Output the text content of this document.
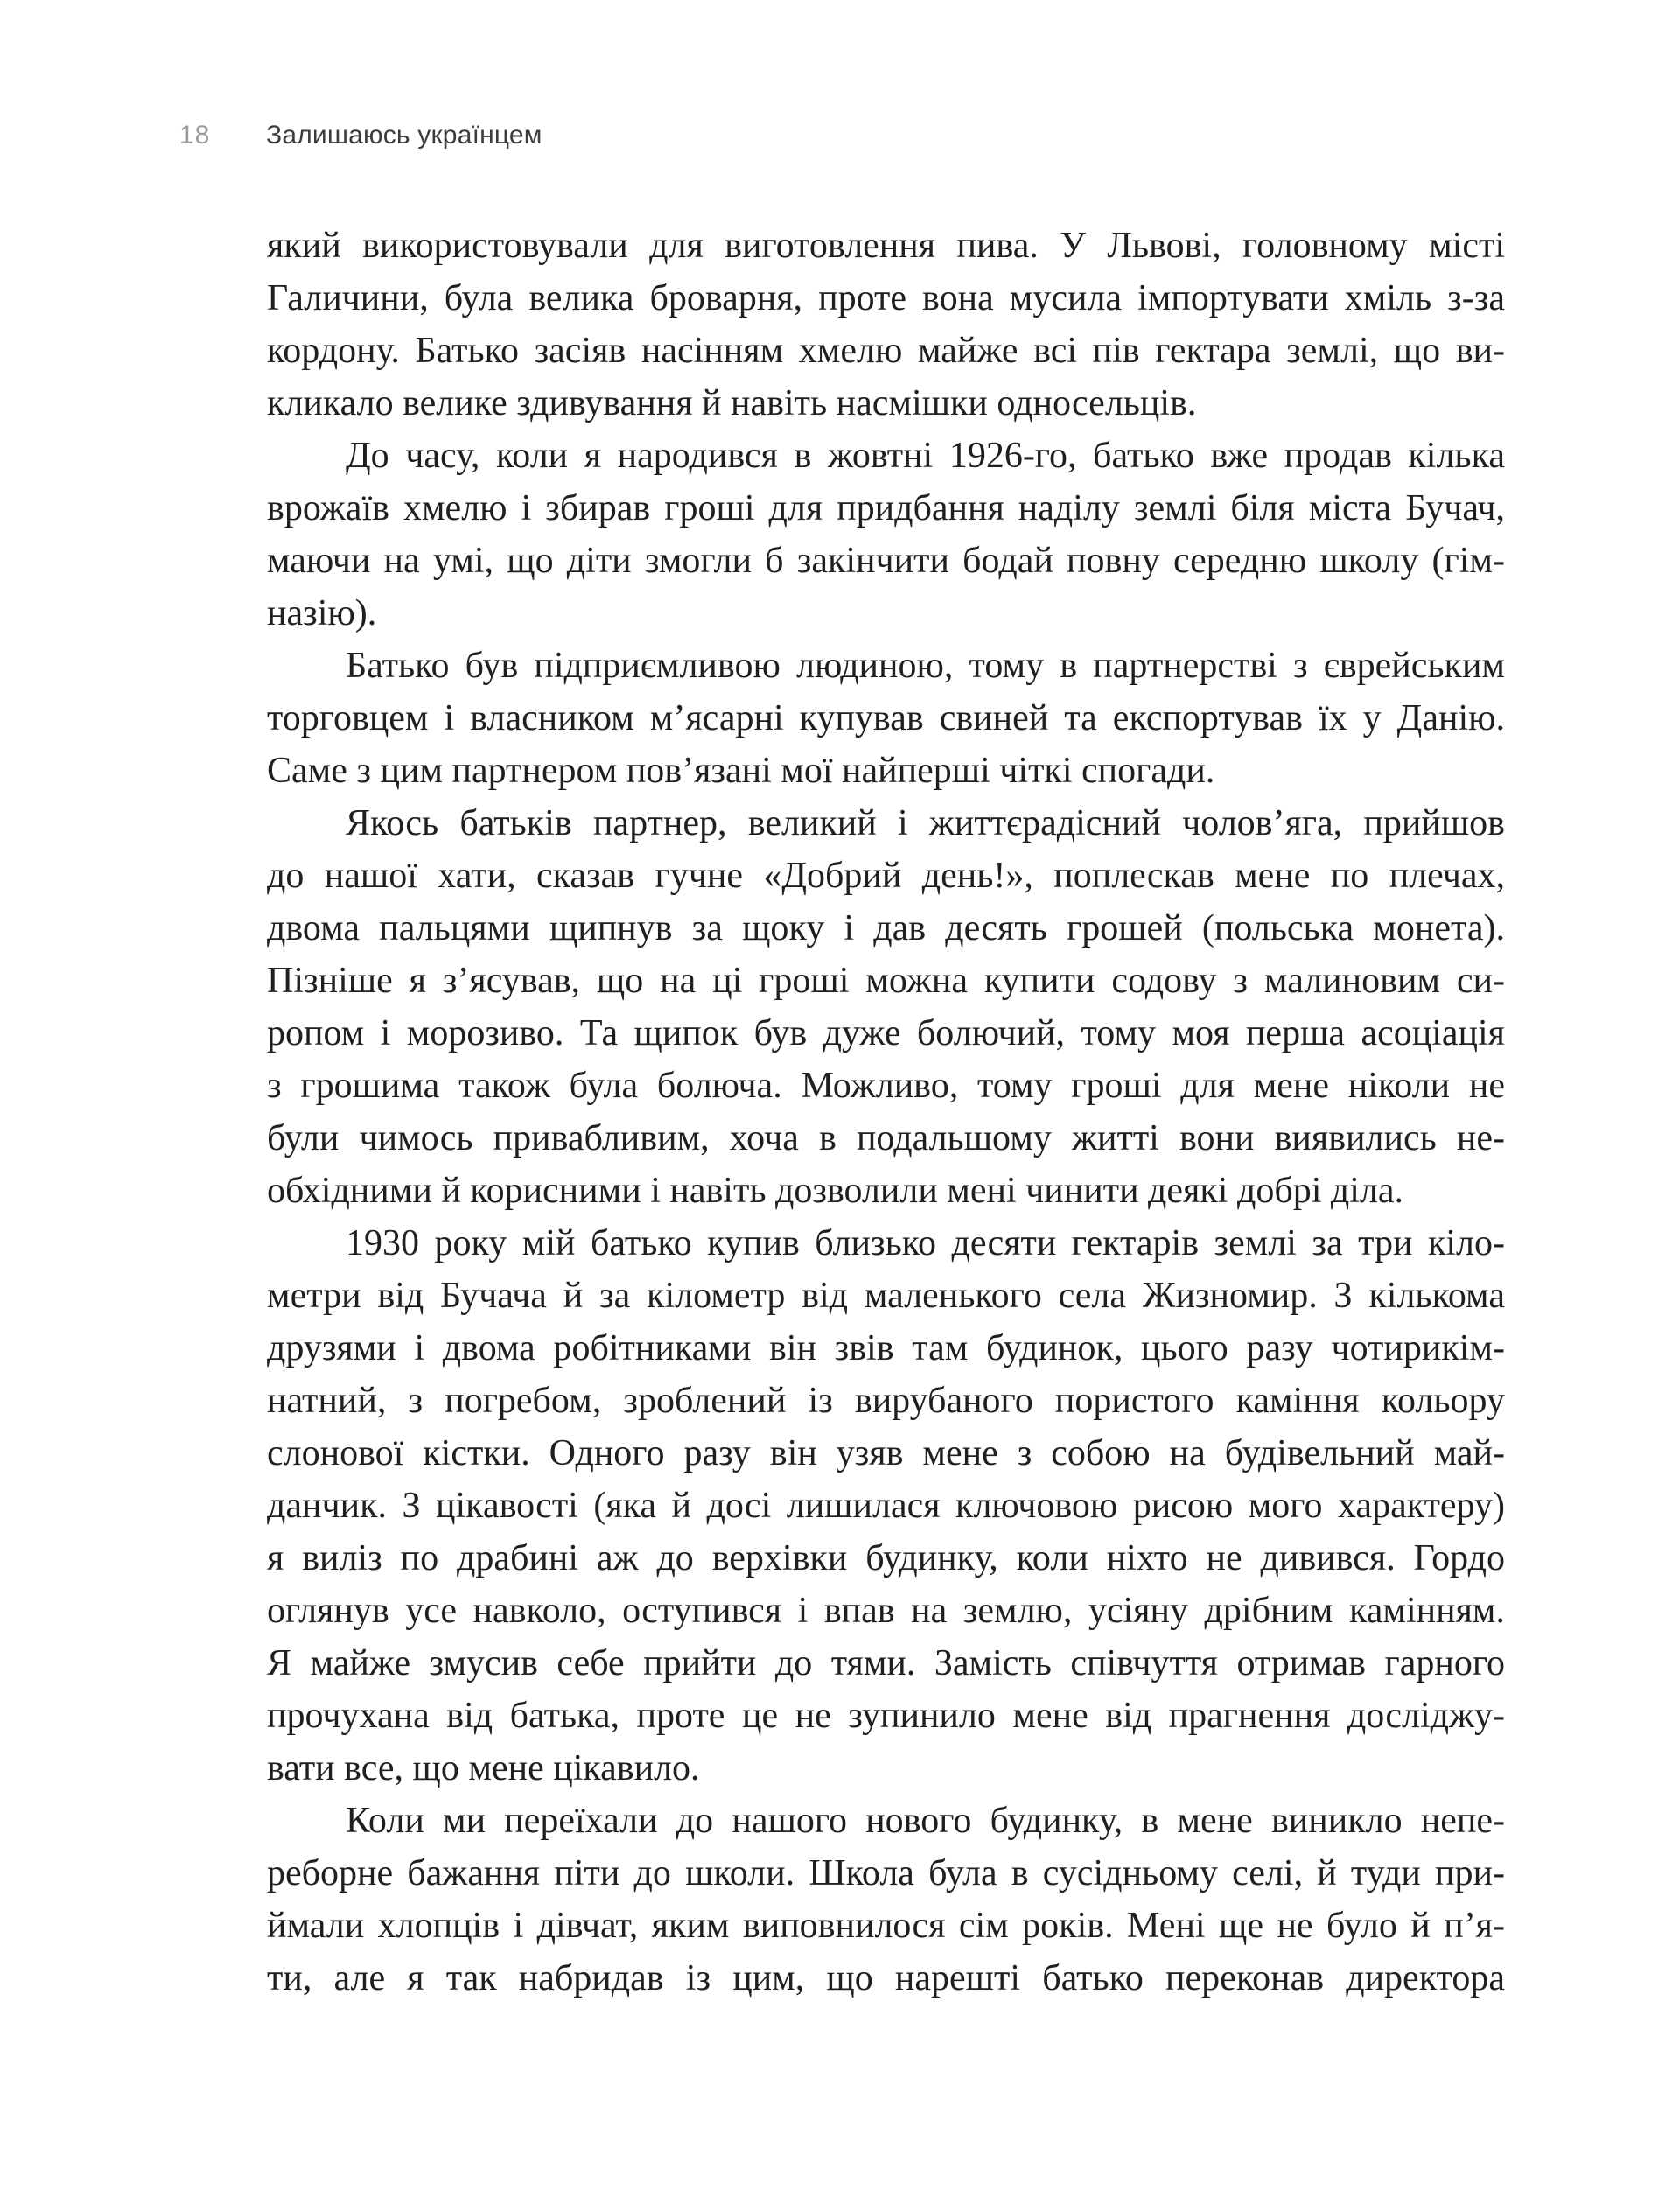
18 Залишаюсь українцем
який використовували для виготовлення пива. У Львові, головному місті
Галичини, була велика броварня, проте вона мусила імпортувати хміль з-за
кордону. Батько засіяв насінням хмелю майже всі пів гектара землі, що ви-
кликало велике здивування й навіть насмішки односельців.
До часу, коли я народився в жовтні 1926-го, батько вже продав кілька
врожаїв хмелю і збирав гроші для придбання наділу землі біля міста Бучач,
маючи на умі, що діти змогли б закінчити бодай повну середню школу (гім-
назію).
Батько був підприємливою людиною, тому в партнерстві з єврейським
торговцем і власником м’ясарні купував свиней та експортував їх у Данію.
Саме з цим партнером пов’язані мої найперші чіткі спогади.
Якось батьків партнер, великий і життєрадісний чолов’яга, прийшов
до нашої хати, сказав гучне «Добрий день!», поплескав мене по плечах,
двома пальцями щипнув за щоку і дав десять грошей (польська монета).
Пізніше я з’ясував, що на ці гроші можна купити содову з малиновим си-
ропом і морозиво. Та щипок був дуже болючий, тому моя перша асоціація
з грошима також була болюча. Можливо, тому гроші для мене ніколи не
були чимось привабливим, хоча в подальшому житті вони виявились не-
обхідними й корисними і навіть дозволили мені чинити деякі добрі діла.
1930 року мій батько купив близько десяти гектарів землі за три кіло-
метри від Бучача й за кілометр від маленького села Жизномир. З кількома
друзями і двома робітниками він звів там будинок, цього разу чотирикім-
натний, з погребом, зроблений із вирубаного пористого каміння кольору
слонової кістки. Одного разу він узяв мене з собою на будівельний май-
данчик. З цікавості (яка й досі лишилася ключовою рисою мого характеру)
я виліз по драбині аж до верхівки будинку, коли ніхто не дивився. Гордо
оглянув усе навколо, оступився і впав на землю, усіяну дрібним камінням.
Я майже змусив себе прийти до тями. Замість співчуття отримав гарного
прочухана від батька, проте це не зупинило мене від прагнення досліджу-
вати все, що мене цікавило.
Коли ми переїхали до нашого нового будинку, в мене виникло непе-
реборне бажання піти до школи. Школа була в сусідньому селі, й туди при-
ймали хлопців і дівчат, яким виповнилося сім років. Мені ще не було й п’я-
ти, але я так набридав із цим, що нарешті батько переконав директора
